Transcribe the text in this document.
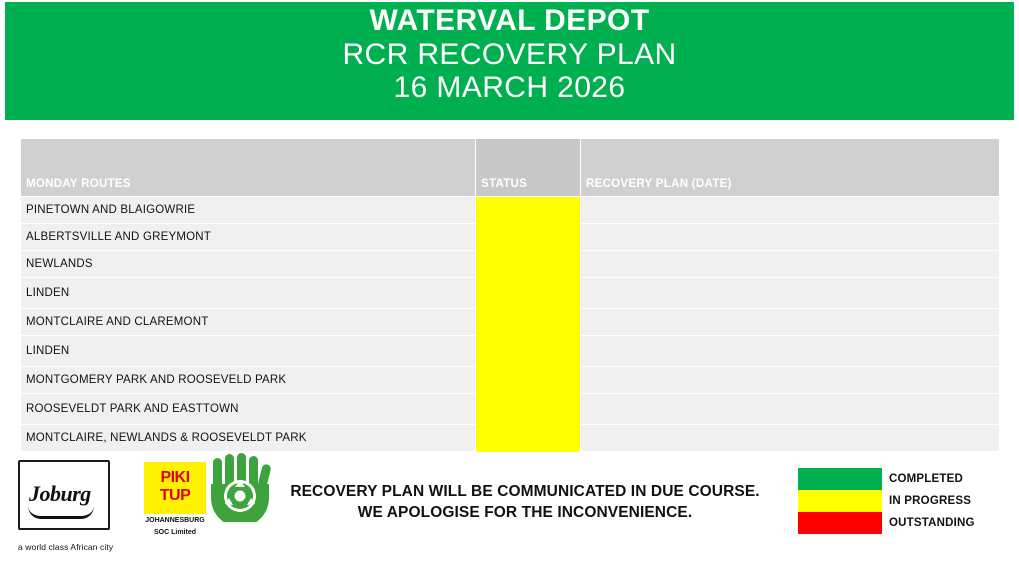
WATERVAL DEPOT
RCR RECOVERY PLAN
16 MARCH 2026
MONDAY ROUTES	STATUS	RECOVERY PLAN (DATE)
PINETOWN AND BLAIGOWRIE		
ALBERTSVILLE AND GREYMONT		
NEWLANDS		
LINDEN		
MONTCLAIRE AND CLAREMONT		
LINDEN		
MONTGOMERY PARK AND ROOSEVELD PARK		
ROOSEVELDT PARK AND EASTTOWN		
MONTCLAIRE, NEWLANDS & ROOSEVELDT PARK		
Joburg
a world class African city
PIKI
TUP
JOHANNESBURG
SOC Limited
RECOVERY PLAN WILL BE COMMUNICATED IN DUE COURSE.
WE APOLOGISE FOR THE INCONVENIENCE.
COMPLETED
IN PROGRESS
OUTSTANDING
